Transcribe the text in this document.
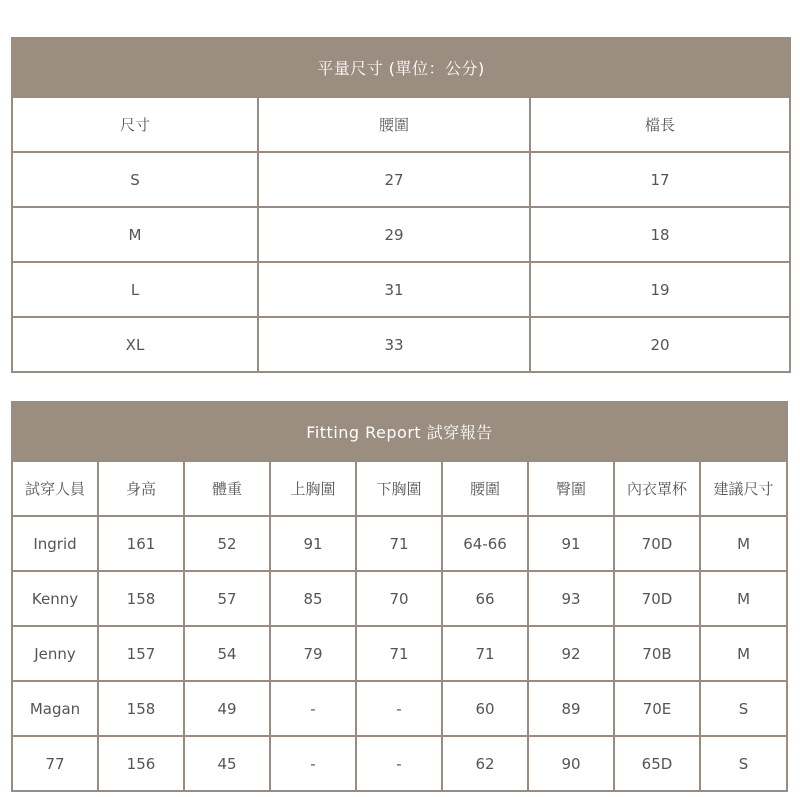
平量尺寸 (單位：公分)		
尺寸	腰圍	檔長
S	27	17
M	29	18
L	31	19
XL	33	20
Fitting Report 試穿報告								
試穿人員	身高	體重	上胸圍	下胸圍	腰圍	臀圍	內衣罩杯	建議尺寸
Ingrid	161	52	91	71	64-66	91	70D	M
Kenny	158	57	85	70	66	93	70D	M
Jenny	157	54	79	71	71	92	70B	M
Magan	158	49	-	-	60	89	70E	S
77	156	45	-	-	62	90	65D	S
